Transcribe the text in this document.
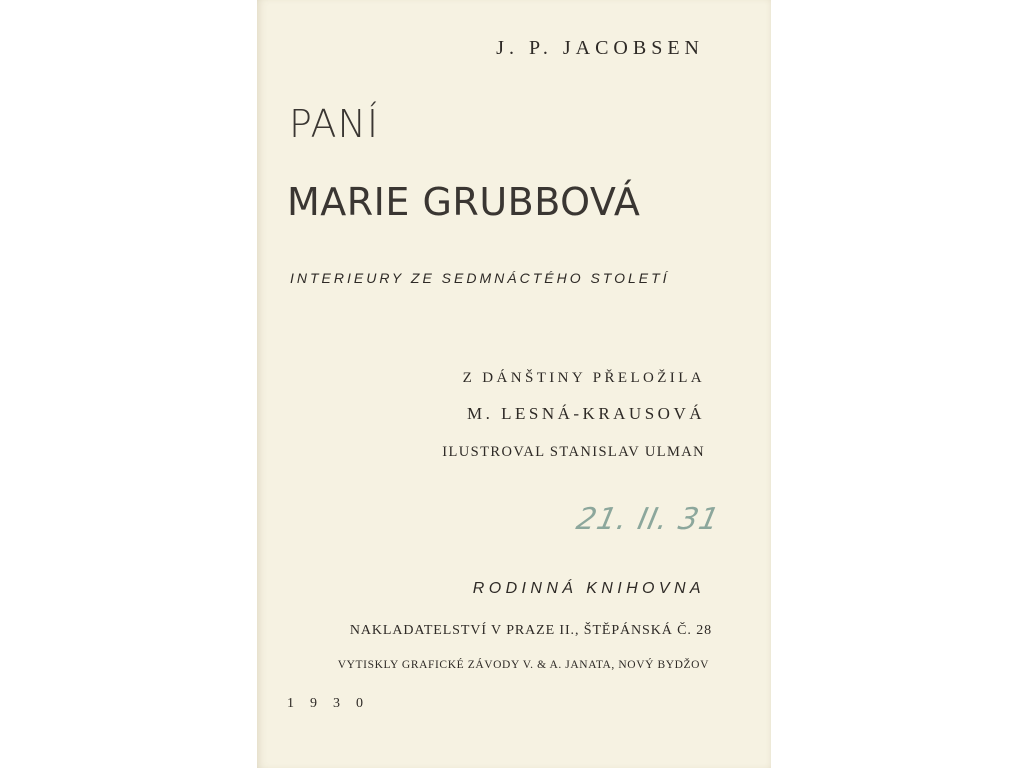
J. P. JACOBSEN
PANÍ
MARIE GRUBBOVÁ
INTERIEURY ZE SEDMNÁCTÉHO STOLETÍ
Z DÁNŠTINY PŘELOŽILA
M. LESNÁ-KRAUSOVÁ
ILUSTROVAL STANISLAV ULMAN
21. II. 31
RODINNÁ KNIHOVNA
NAKLADATELSTVÍ V PRAZE II., ŠTĚPÁNSKÁ Č. 28
VYTISKLY GRAFICKÉ ZÁVODY V. & A. JANATA, NOVÝ BYDŽOV
1930
